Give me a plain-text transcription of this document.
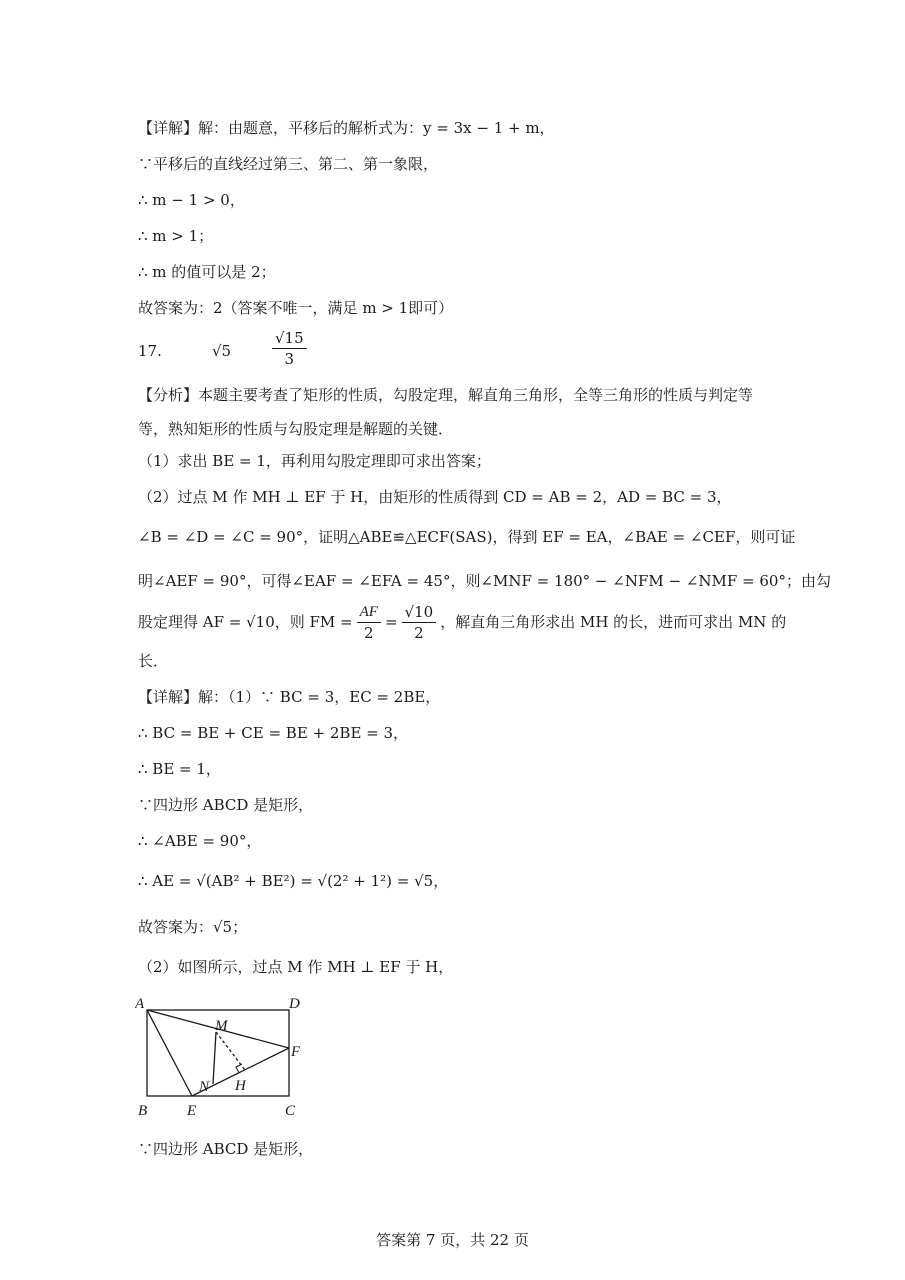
【详解】解：由题意，平移后的解析式为：y = 3x − 1 + m，
∵平移后的直线经过第三、第二、第一象限，
∴ m − 1 > 0，
∴ m > 1；
∴ m 的值可以是 2；
故答案为：2（答案不唯一，满足 m > 1即可）
17.	√5	$\frac{√15}{3}$
【分析】本题主要考查了矩形的性质，勾股定理，解直角三角形，全等三角形的性质与判定等等，熟知矩形的性质与勾股定理是解题的关键．
（1）求出 BE = 1，再利用勾股定理即可求出答案；
（2）过点 M 作 MH ⊥ EF 于 H，由矩形的性质得到 CD = AB = 2，AD = BC = 3，
∠B = ∠D = ∠C = 90°，证明△ABE≌△ECF(SAS)，得到 EF = EA，∠BAE = ∠CEF，则可证
明∠AEF = 90°，可得∠EAF = ∠EFA = 45°，则∠MNF = 180° − ∠NFM − ∠NMF = 60°；由勾
股定理得 AF = √10，则 FM = $\frac{AF}{2} = \frac{√10}{2}$ ，解直角三角形求出 MH 的长，进而可求出 MN 的
长．
【详解】解：（1）∵ BC = 3，EC = 2BE，
∴ BC = BE + CE = BE + 2BE = 3，
∴ BE = 1，
∵四边形 ABCD 是矩形，
∴ ∠ABE = 90°，
∴ AE = √(AB² + BE²) = √(2² + 1²) = √5，
故答案为：√5；
（2）如图所示，过点 M 作 MH ⊥ EF 于 H，
A	D
B	E	C
F
M
N H
∵四边形 ABCD 是矩形，
答案第 7 页，共 22 页
